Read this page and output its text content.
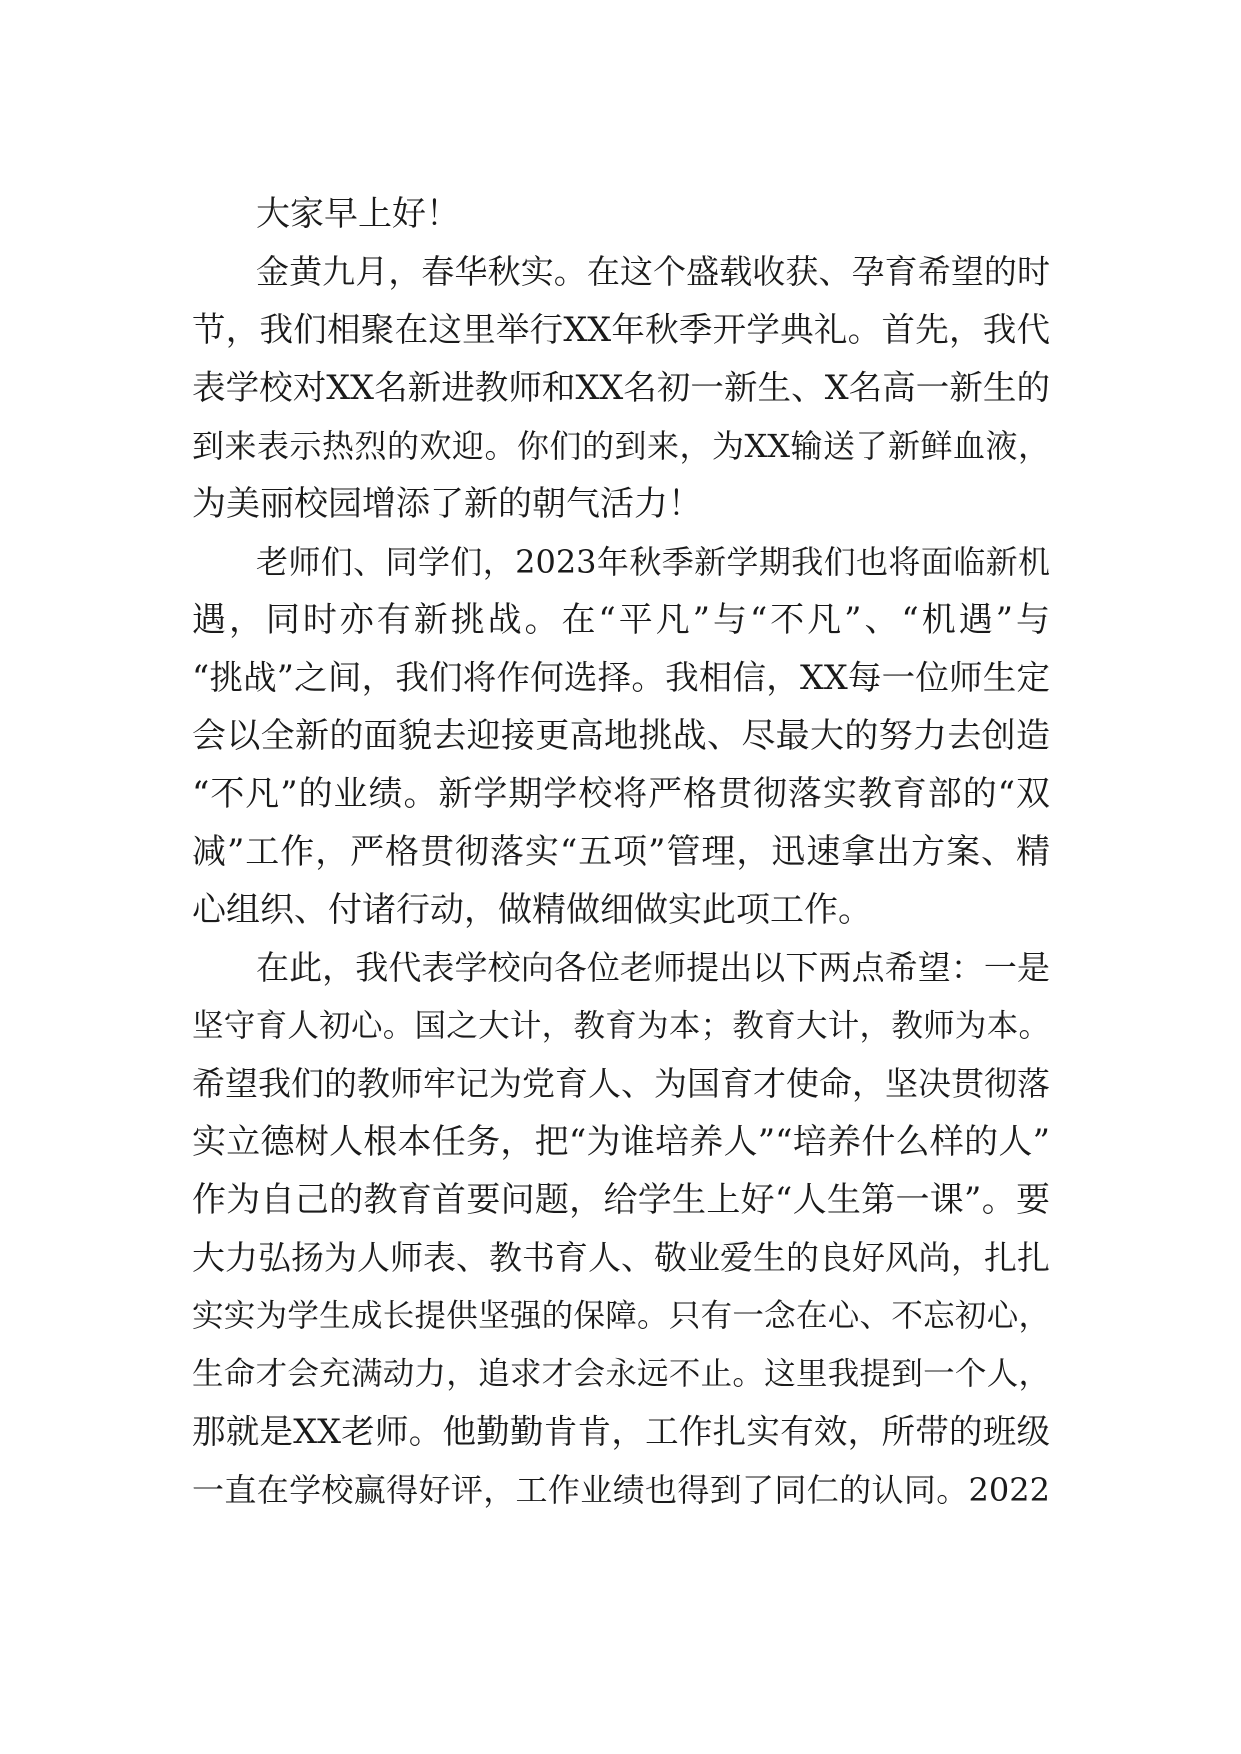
大家早上好！
金黄九月，春华秋实。在这个盛载收获、孕育希望的时
节，我们相聚在这里举行XX年秋季开学典礼。首先，我代
表学校对XX名新进教师和XX名初一新生、X名高一新生的
到来表示热烈的欢迎。你们的到来，为XX输送了新鲜血液，
为美丽校园增添了新的朝气活力！
老师们、同学们，2023年秋季新学期我们也将面临新机
遇，同时亦有新挑战。在“平凡”与“不凡”、“机遇”与
“挑战”之间，我们将作何选择。我相信，XX每一位师生定
会以全新的面貌去迎接更高地挑战、尽最大的努力去创造
“不凡”的业绩。新学期学校将严格贯彻落实教育部的“双
减”工作，严格贯彻落实“五项”管理，迅速拿出方案、精
心组织、付诸行动，做精做细做实此项工作。
在此，我代表学校向各位老师提出以下两点希望：一是
坚守育人初心。国之大计，教育为本；教育大计，教师为本。
希望我们的教师牢记为党育人、为国育才使命，坚决贯彻落
实立德树人根本任务，把“为谁培养人”“培养什么样的人”
作为自己的教育首要问题，给学生上好“人生第一课”。要
大力弘扬为人师表、教书育人、敬业爱生的良好风尚，扎扎
实实为学生成长提供坚强的保障。只有一念在心、不忘初心，
生命才会充满动力，追求才会永远不止。这里我提到一个人，
那就是XX老师。他勤勤肯肯，工作扎实有效，所带的班级
一直在学校赢得好评，工作业绩也得到了同仁的认同。2022
